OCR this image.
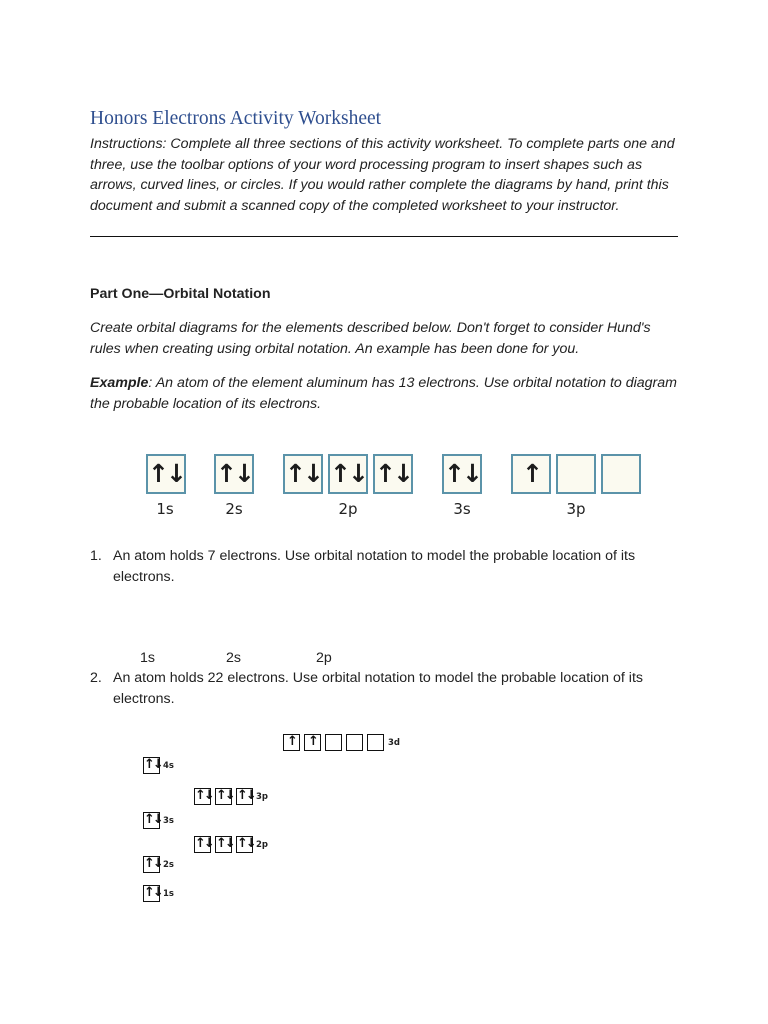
Honors Electrons Activity Worksheet
Instructions: Complete all three sections of this activity worksheet. To complete parts one and three, use the toolbar options of your word processing program to insert shapes such as arrows, curved lines, or circles. If you would rather complete the diagrams by hand, print this document and submit a scanned copy of the completed worksheet to your instructor.
Part One—Orbital Notation
Create orbital diagrams for the elements described below. Don't forget to consider Hund's rules when creating using orbital notation. An example has been done for you.
Example: An atom of the element aluminum has 13 electrons. Use orbital notation to diagram the probable location of its electrons.
↑↓ ↑↓ ↑↓ ↑↓ ↑↓ ↑↓	↑
1s	2s	2p	3s	3p
1. An atom holds 7 electrons. Use orbital notation to model the probable location of its electrons.
1s	2s	2p
2. An atom holds 22 electrons. Use orbital notation to model the probable location of its electrons.
↑ ↑	3d
↑↓ 4s
↑↓ ↑↓ ↑↓ 3p
↑↓ 3s
↑↓ ↑↓ ↑↓ 2p
↑↓ 2s
↑↓ 1s
